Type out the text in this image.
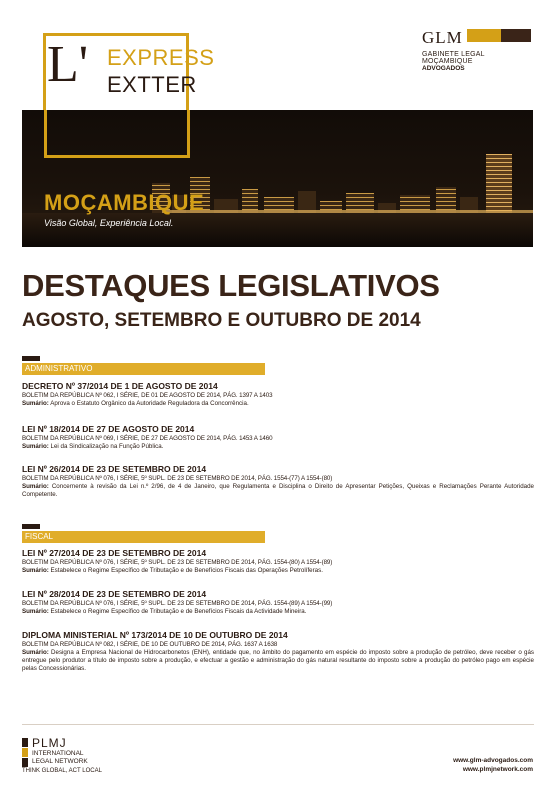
L' EXPRESS
EXTTER
GLM
GABINETE LEGAL MOÇAMBIQUE
ADVOGADOS
MOÇAMBIQUE
Visão Global, Experiência Local.
DESTAQUES LEGISLATIVOS
AGOSTO, SETEMBRO E OUTUBRO DE 2014
ADMINISTRATIVO
DECRETO Nº 37/2014 DE 1 DE AGOSTO DE 2014
BOLETIM DA REPÚBLICA Nº 062, I SÉRIE, DE 01 DE AGOSTO DE 2014, PÁG. 1397 A 1403
Sumário: Aprova o Estatuto Orgânico da Autoridade Reguladora da Concorrência.
LEI Nº 18/2014 DE 27 DE AGOSTO DE 2014
BOLETIM DA REPÚBLICA Nº 069, I SÉRIE, DE 27 DE AGOSTO DE 2014, PÁG. 1453 A 1460
Sumário: Lei da Sindicalização na Função Pública.
LEI Nº 26/2014 DE 23 DE SETEMBRO DE 2014
BOLETIM DA REPÚBLICA Nº 076, I SÉRIE, 5º SUPL. DE 23 DE SETEMBRO DE 2014, PÁG. 1554-(77) A 1554-(80)
Sumário: Concernente à revisão da Lei n.º 2/96, de 4 de Janeiro, que Regulamenta e Disciplina o Direito de Apresentar Petições, Queixas e Reclamações Perante Autoridade Competente.
FISCAL
LEI Nº 27/2014 DE 23 DE SETEMBRO DE 2014
BOLETIM DA REPÚBLICA Nº 076, I SÉRIE, 5º SUPL. DE 23 DE SETEMBRO DE 2014, PÁG. 1554-(80) A 1554-(89)
Sumário: Estabelece o Regime Específico de Tributação e de Benefícios Fiscais das Operações Petrolíferas.
LEI Nº 28/2014 DE 23 DE SETEMBRO DE 2014
BOLETIM DA REPÚBLICA Nº 076, I SÉRIE, 5º SUPL. DE 23 DE SETEMBRO DE 2014, PÁG. 1554-(89) A 1554-(99)
Sumário: Estabelece o Regime Específico de Tributação e de Benefícios Fiscais da Actividade Mineira.
DIPLOMA MINISTERIAL Nº 173/2014 DE 10 DE OUTUBRO DE 2014
BOLETIM DA REPÚBLICA Nº 082, I SÉRIE, DE 10 DE OUTUBRO DE 2014, PÁG. 1637 A 1638
Sumário: Designa a Empresa Nacional de Hidrocarbonetos (ENH), entidade que, no âmbito do pagamento em espécie do imposto sobre a produção de petróleo, deve receber o gás entregue pelo produtor a título de imposto sobre a produção, e efectuar a gestão e administração do gás natural resultante do imposto sobre a produção do petróleo pago em espécie pelas Concessionárias.
PLMJ
INTERNATIONAL
LEGAL NETWORK
THINK GLOBAL, ACT LOCAL
www.glm-advogados.com
www.plmjnetwork.com
